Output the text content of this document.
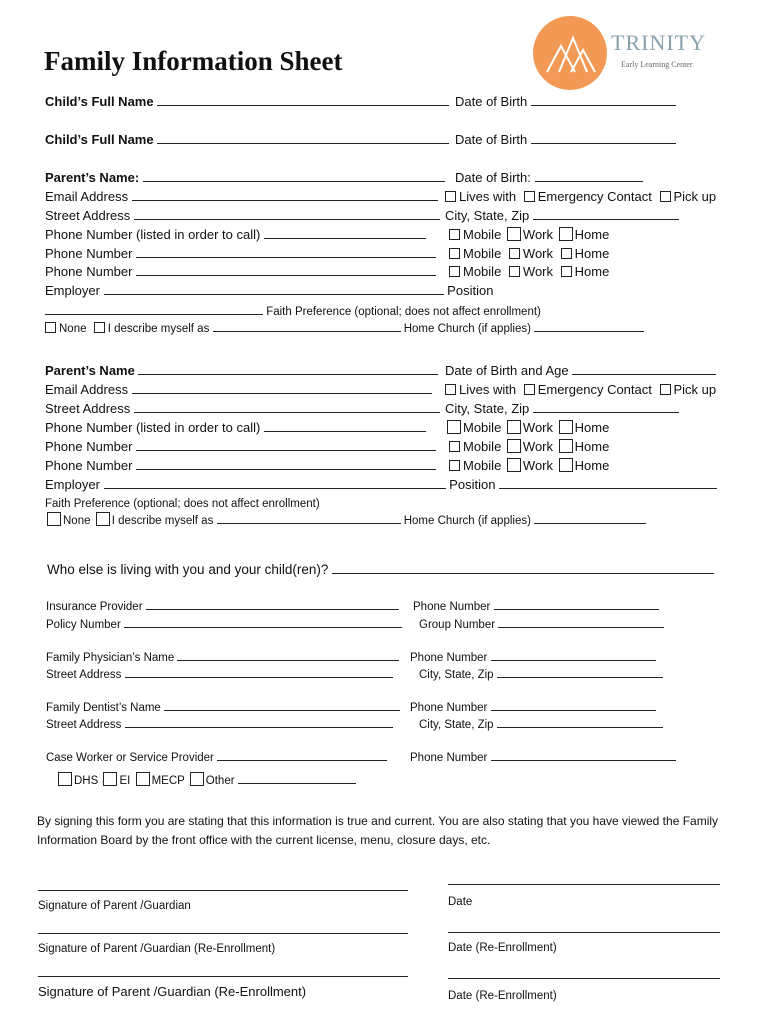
Family Information Sheet
TRINITY
Early Learning Center
Child’s Full Name	Date of Birth
Child’s Full Name	Date of Birth
Parent’s Name:	Date of Birth:
Email Address	Lives with Emergency Contact Pick up
Street Address	City, State, Zip
Phone Number (listed in order to call)	Mobile Work Home
Phone Number	Mobile Work Home
Phone Number	Mobile Work Home
Employer	Position
Faith Preference (optional; does not affect enrollment)
None I describe myself as	Home Church (if applies)
Parent’s Name	Date of Birth and Age
Email Address	Lives with Emergency Contact Pick up
Street Address	City, State, Zip
Phone Number (listed in order to call)	Mobile Work Home
Phone Number	Mobile Work Home
Phone Number	Mobile Work Home
Employer	Position
Faith Preference (optional; does not affect enrollment)
None I describe myself as	Home Church (if applies)
Who else is living with you and your child(ren)?
Insurance Provider	Phone Number
Policy Number	Group Number
Family Physician’s Name	Phone Number
Street Address	City, State, Zip
Family Dentist’s Name	Phone Number
Street Address	City, State, Zip
Case Worker or Service Provider	Phone Number
DHS EI MECP Other
By signing this form you are stating that this information is true and current. You are also stating that you have viewed the Family Information Board by the front office with the current license, menu, closure days, etc.
Signature of Parent /Guardian	Date
Signature of Parent /Guardian (Re-Enrollment)	Date (Re-Enrollment)
Signature of Parent /Guardian (Re-Enrollment)	Date (Re-Enrollment)
